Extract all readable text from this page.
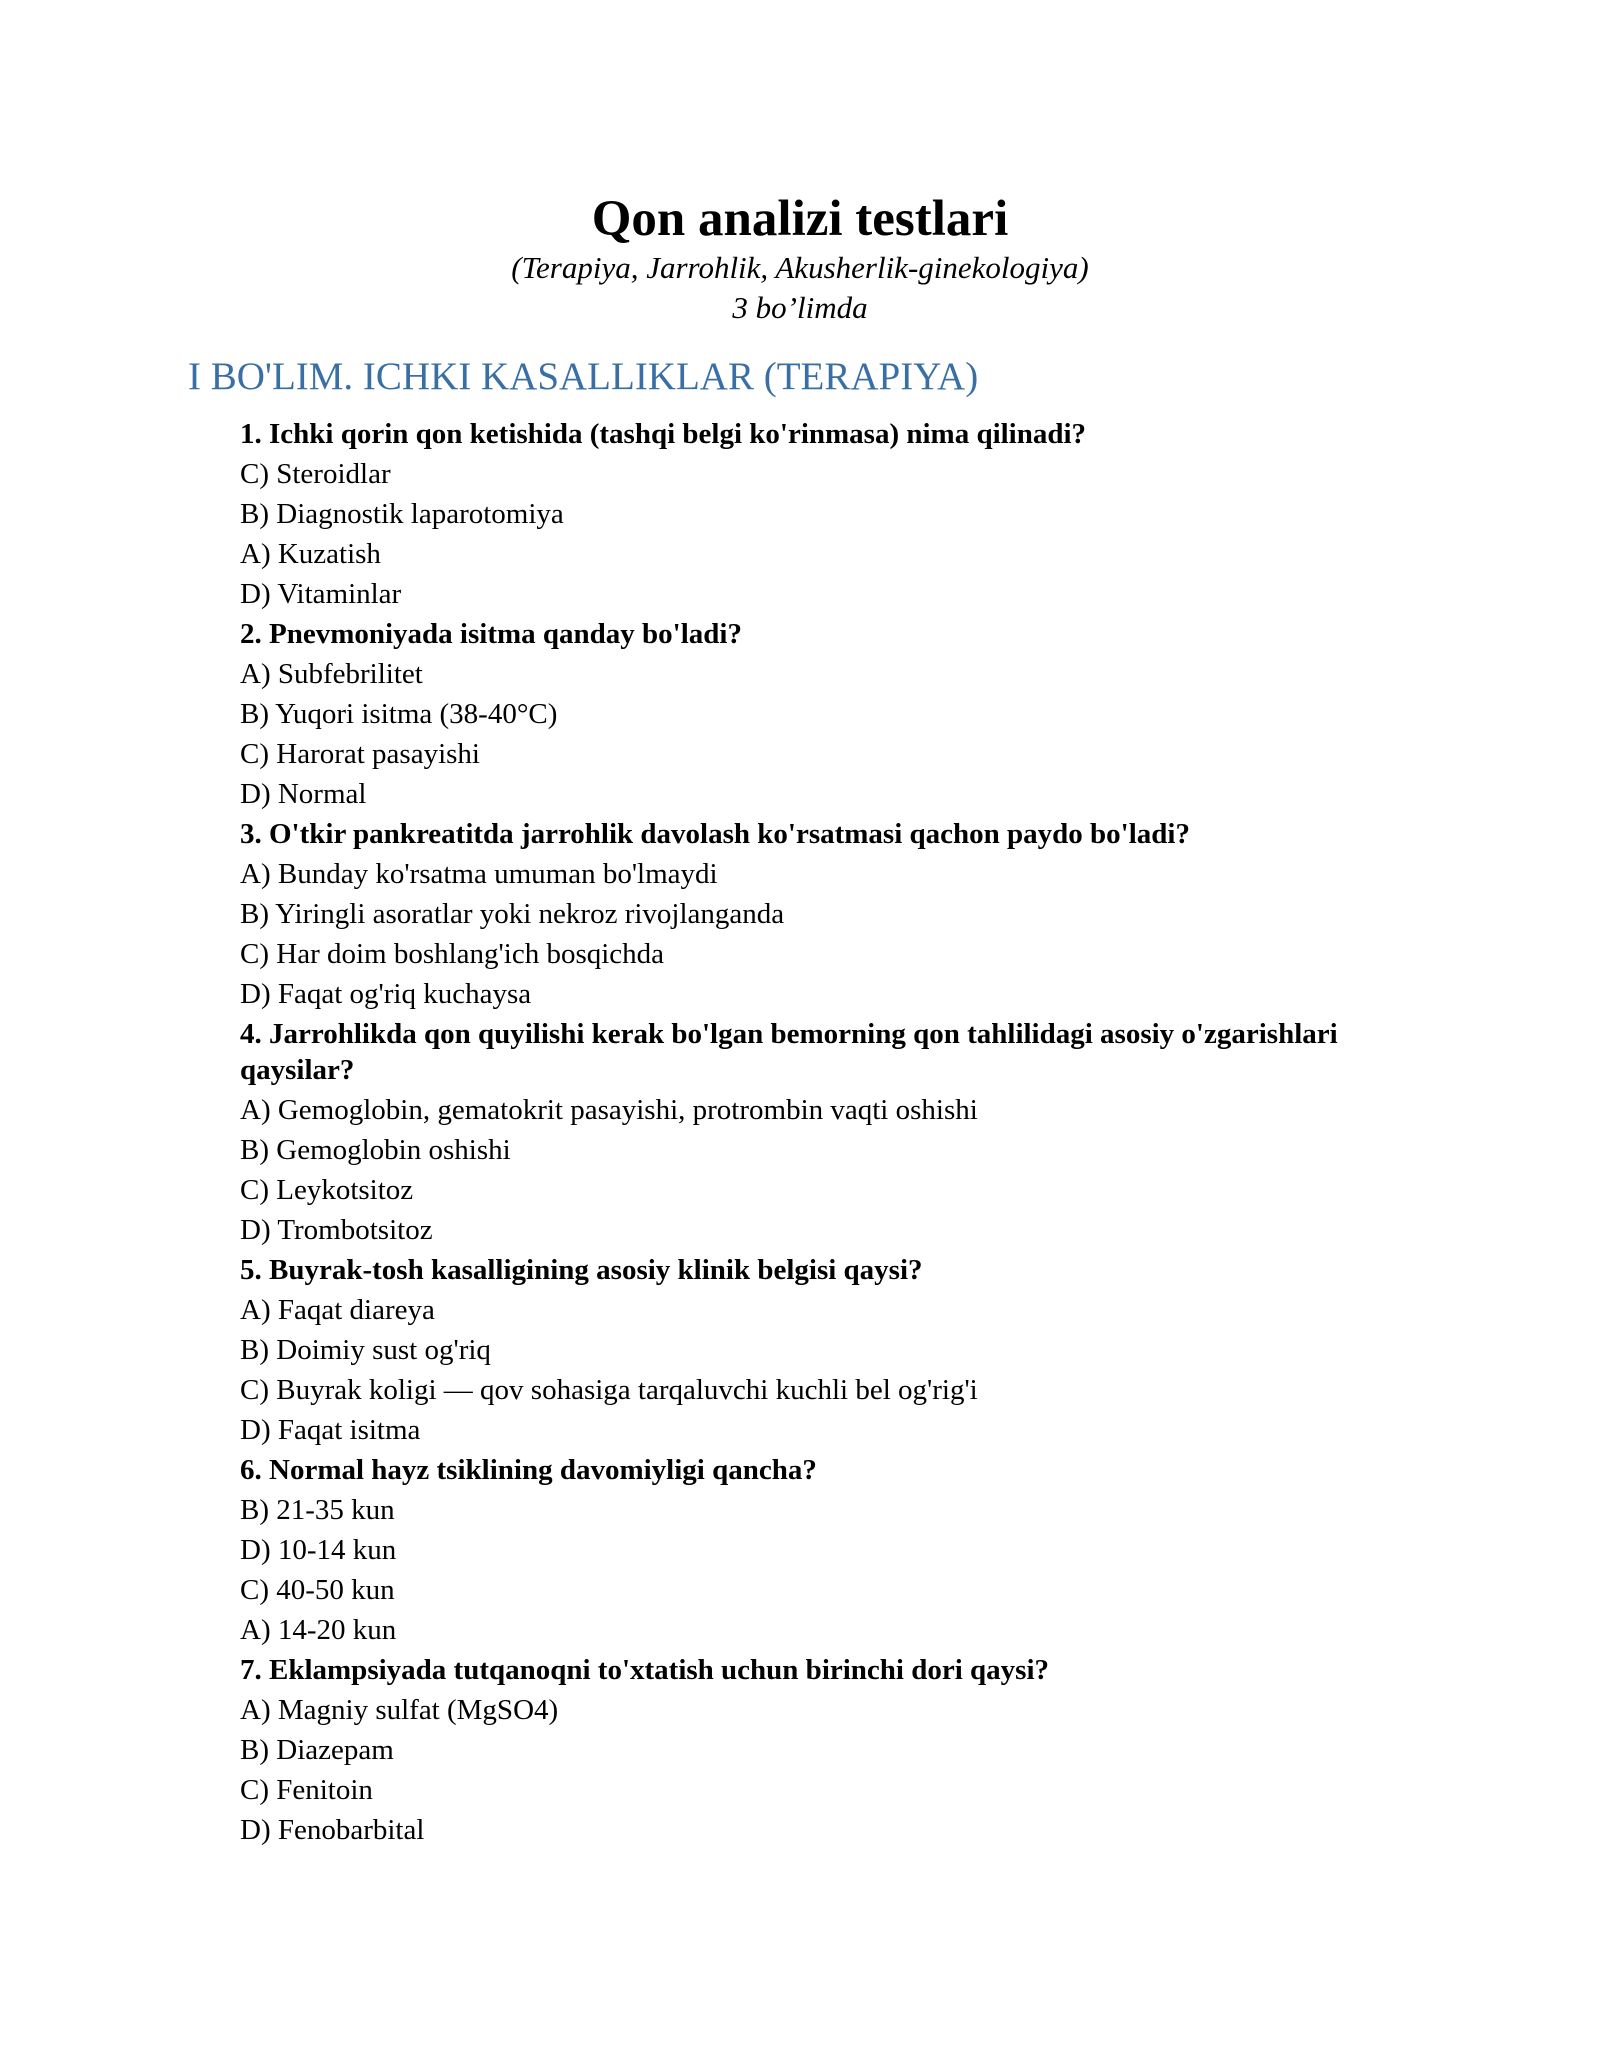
Qon analizi testlari

(Terapiya, Jarrohlik, Akusherlik-ginekologiya)

3 bo’limda

I BO'LIM. ICHKI KASALLIKLAR (TERAPIYA)

1. Ichki qorin qon ketishida (tashqi belgi ko'rinmasa) nima qilinadi?

C) Steroidlar
B) Diagnostik laparotomiya
A) Kuzatish
D) Vitaminlar

2. Pnevmoniyada isitma qanday bo'ladi?

A) Subfebrilitet
B) Yuqori isitma (38-40°C)
C) Harorat pasayishi
D) Normal

3. O'tkir pankreatitda jarrohlik davolash ko'rsatmasi qachon paydo bo'ladi?

A) Bunday ko'rsatma umuman bo'lmaydi
B) Yiringli asoratlar yoki nekroz rivojlanganda
C) Har doim boshlang'ich bosqichda
D) Faqat og'riq kuchaysa

4. Jarrohlikda qon quyilishi kerak bo'lgan bemorning qon tahlilidagi asosiy o'zgarishlari qaysilar?

A) Gemoglobin, gematokrit pasayishi, protrombin vaqti oshishi
B) Gemoglobin oshishi
C) Leykotsitoz
D) Trombotsitoz

5. Buyrak-tosh kasalligining asosiy klinik belgisi qaysi?

A) Faqat diareya
B) Doimiy sust og'riq
C) Buyrak koligi — qov sohasiga tarqaluvchi kuchli bel og'rig'i
D) Faqat isitma

6. Normal hayz tsiklining davomiyligi qancha?

B) 21-35 kun
D) 10-14 kun
C) 40-50 kun
A) 14-20 kun

7. Eklampsiyada tutqanoqni to'xtatish uchun birinchi dori qaysi?

A) Magniy sulfat (MgSO4)
B) Diazepam
C) Fenitoin
D) Fenobarbital
